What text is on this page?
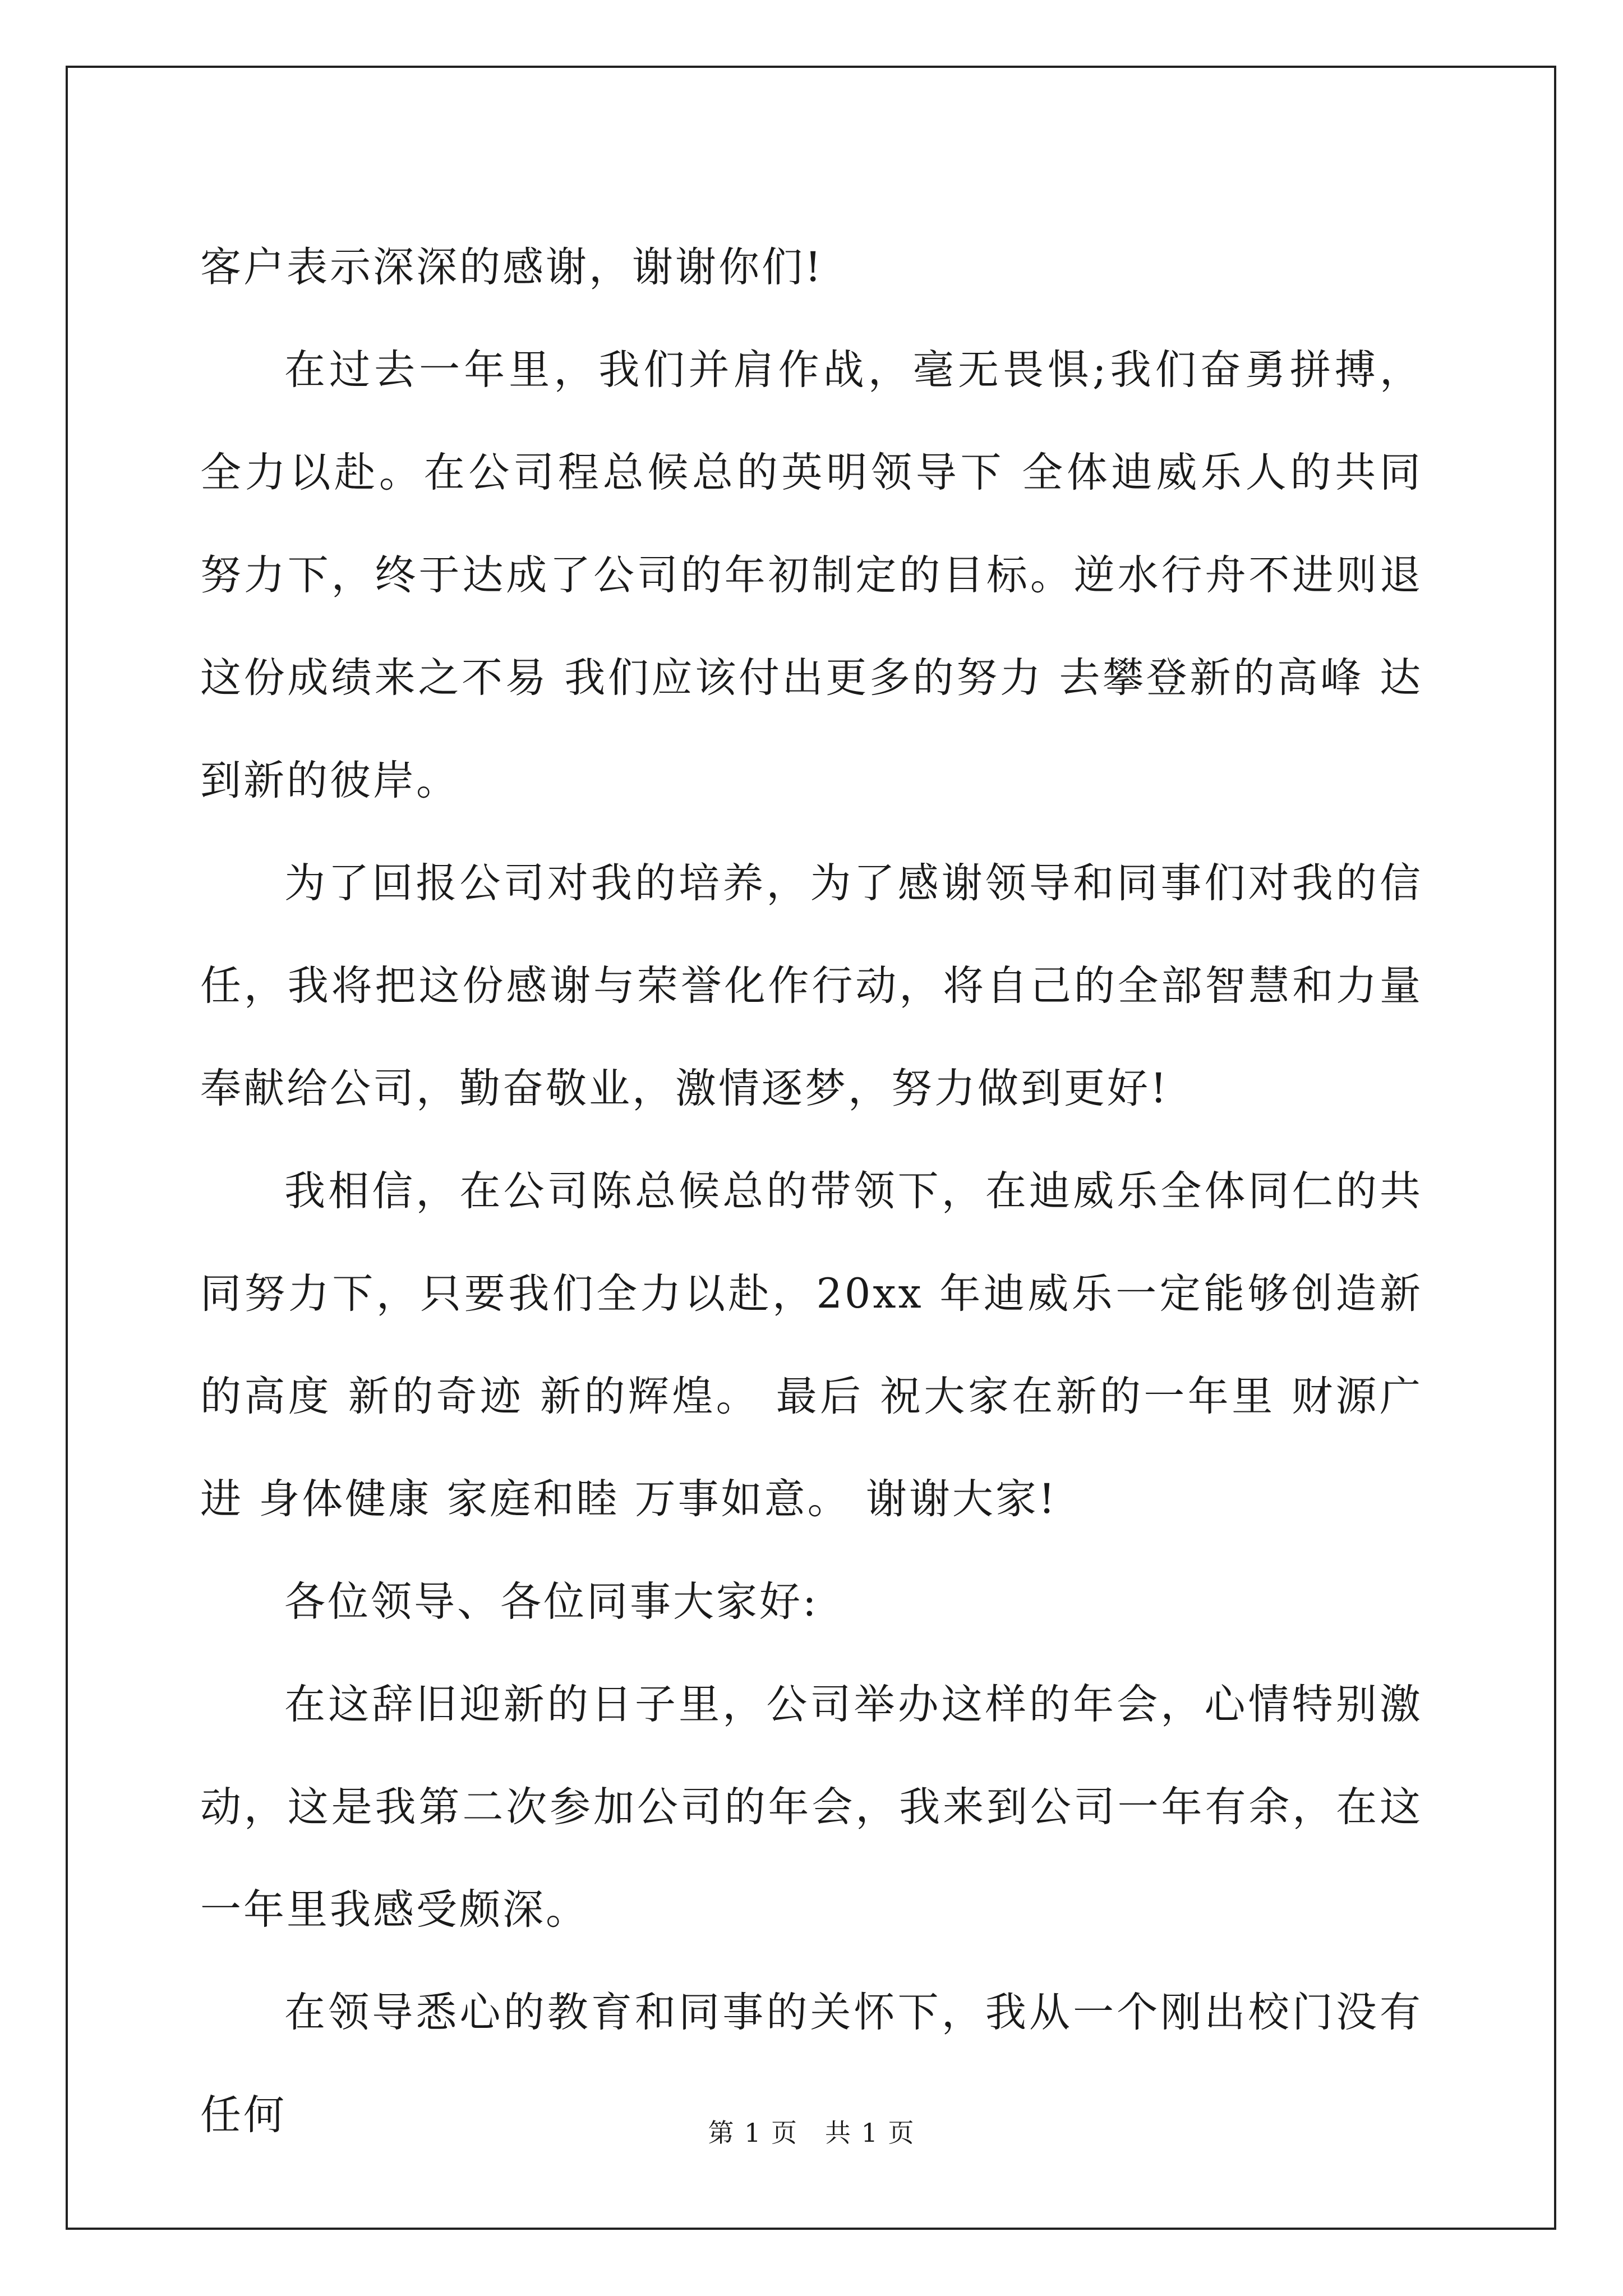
客户表示深深的感谢，谢谢你们!

在过去一年里，我们并肩作战，毫无畏惧;我们奋勇拼搏，全力以赴。在公司程总候总的英明领导下 全体迪威乐人的共同努力下，终于达成了公司的年初制定的目标。逆水行舟不进则退 这份成绩来之不易 我们应该付出更多的努力 去攀登新的高峰 达到新的彼岸。

为了回报公司对我的培养，为了感谢领导和同事们对我的信任，我将把这份感谢与荣誉化作行动，将自己的全部智慧和力量奉献给公司，勤奋敬业，激情逐梦，努力做到更好!

我相信，在公司陈总候总的带领下，在迪威乐全体同仁的共同努力下，只要我们全力以赴，20xx 年迪威乐一定能够创造新的高度 新的奇迹 新的辉煌。 最后 祝大家在新的一年里 财源广进 身体健康 家庭和睦 万事如意。 谢谢大家!

各位领导、各位同事大家好:

在这辞旧迎新的日子里，公司举办这样的年会，心情特别激动，这是我第二次参加公司的年会，我来到公司一年有余，在这一年里我感受颇深。

在领导悉心的教育和同事的关怀下，我从一个刚出校门没有任何	第 1 页　共 1 页
